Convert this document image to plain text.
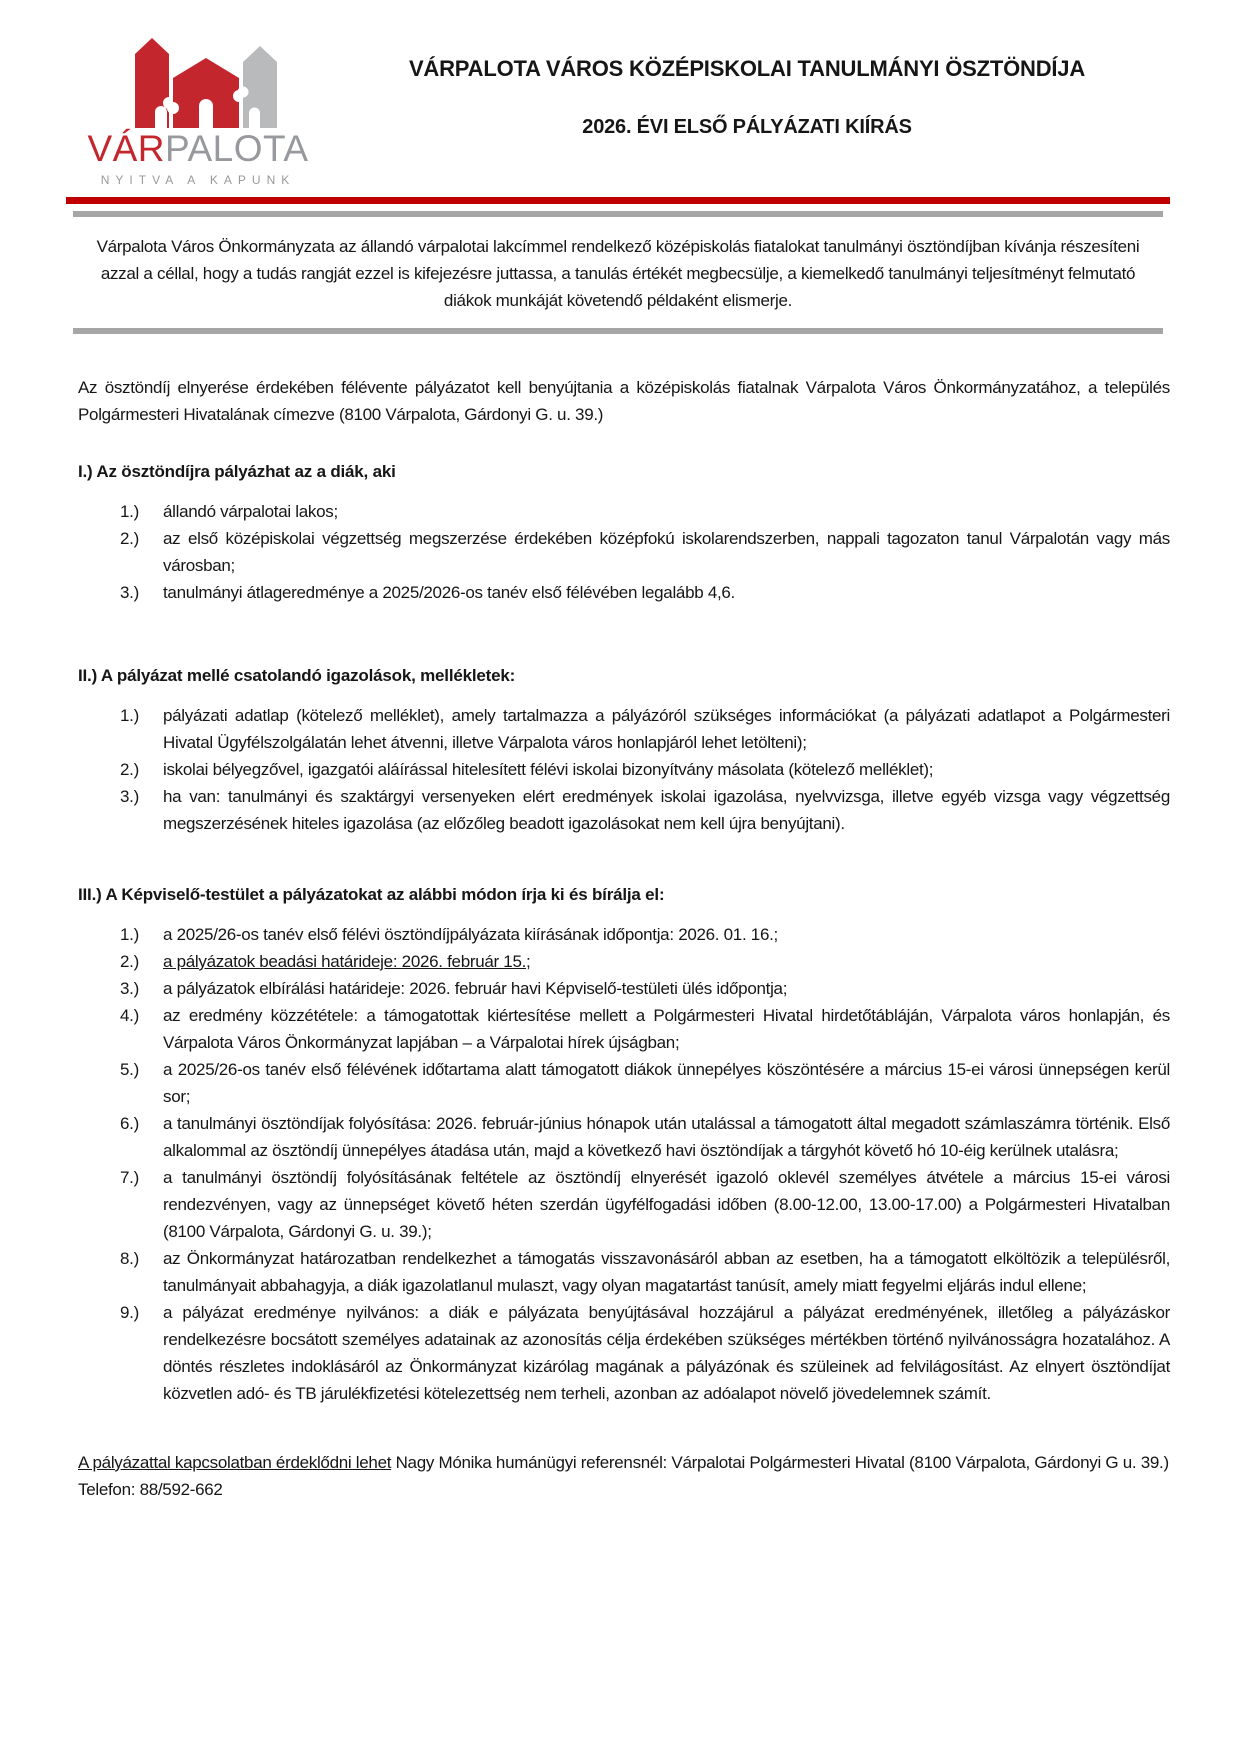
VÁRPALOTA
NYITVA A KAPUNK
VÁRPALOTA VÁROS KÖZÉPISKOLAI TANULMÁNYI ÖSZTÖNDÍJA
2026. ÉVI ELSŐ PÁLYÁZATI KIÍRÁS

Várpalota Város Önkormányzata az állandó várpalotai lakcímmel rendelkező középiskolás fiatalokat tanulmányi ösztöndíjban kívánja részesíteni azzal a céllal, hogy a tudás rangját ezzel is kifejezésre juttassa, a tanulás értékét megbecsülje, a kiemelkedő tanulmányi teljesítményt felmutató diákok munkáját követendő példaként elismerje.

Az ösztöndíj elnyerése érdekében félévente pályázatot kell benyújtania a középiskolás fiatalnak Várpalota Város Önkormányzatához, a település Polgármesteri Hivatalának címezve (8100 Várpalota, Gárdonyi G. u. 39.)

I.) Az ösztöndíjra pályázhat az a diák, aki
1.)	állandó várpalotai lakos;
2.)	az első középiskolai végzettség megszerzése érdekében középfokú iskolarendszerben, nappali tagozaton tanul Várpalotán vagy más városban;
3.)	tanulmányi átlageredménye a 2025/2026-os tanév első félévében legalább 4,6.
II.) A pályázat mellé csatolandó igazolások, mellékletek:
1.)	pályázati adatlap (kötelező melléklet), amely tartalmazza a pályázóról szükséges információkat (a pályázati adatlapot a Polgármesteri Hivatal Ügyfélszolgálatán lehet átvenni, illetve Várpalota város honlapjáról lehet letölteni);
2.)	iskolai bélyegzővel, igazgatói aláírással hitelesített félévi iskolai bizonyítvány másolata (kötelező melléklet);
3.)	ha van: tanulmányi és szaktárgyi versenyeken elért eredmények iskolai igazolása, nyelvvizsga, illetve egyéb vizsga vagy végzettség megszerzésének hiteles igazolása (az előzőleg beadott igazolásokat nem kell újra benyújtani).
III.) A Képviselő-testület a pályázatokat az alábbi módon írja ki és bírálja el:
1.)	a 2025/26-os tanév első félévi ösztöndíjpályázata kiírásának időpontja: 2026. 01. 16.;
2.)	a pályázatok beadási határideje: 2026. február 15.;
3.)	a pályázatok elbírálási határideje: 2026. február havi Képviselő-testületi ülés időpontja;
4.)	az eredmény közzététele: a támogatottak kiértesítése mellett a Polgármesteri Hivatal hirdetőtábláján, Várpalota város honlapján, és Várpalota Város Önkormányzat lapjában – a Várpalotai hírek újságban;
5.)	a 2025/26-os tanév első félévének időtartama alatt támogatott diákok ünnepélyes köszöntésére a március 15-ei városi ünnepségen kerül sor;
6.)	a tanulmányi ösztöndíjak folyósítása: 2026. február-június hónapok után utalással a támogatott által megadott számlaszámra történik. Első alkalommal az ösztöndíj ünnepélyes átadása után, majd a következő havi ösztöndíjak a tárgyhót követő hó 10-éig kerülnek utalásra;
7.)	a tanulmányi ösztöndíj folyósításának feltétele az ösztöndíj elnyerését igazoló oklevél személyes átvétele a március 15-ei városi rendezvényen, vagy az ünnepséget követő héten szerdán ügyfélfogadási időben (8.00-12.00, 13.00-17.00) a Polgármesteri Hivatalban (8100 Várpalota, Gárdonyi G. u. 39.);
8.)	az Önkormányzat határozatban rendelkezhet a támogatás visszavonásáról abban az esetben, ha a támogatott elköltözik a településről, tanulmányait abbahagyja, a diák igazolatlanul mulaszt, vagy olyan magatartást tanúsít, amely miatt fegyelmi eljárás indul ellene;
9.)	a pályázat eredménye nyilvános: a diák e pályázata benyújtásával hozzájárul a pályázat eredményének, illetőleg a pályázáskor rendelkezésre bocsátott személyes adatainak az azonosítás célja érdekében szükséges mértékben történő nyilvánosságra hozatalához. A döntés részletes indoklásáról az Önkormányzat kizárólag magának a pályázónak és szüleinek ad felvilágosítást. Az elnyert ösztöndíjat közvetlen adó- és TB járulékfizetési kötelezettség nem terheli, azonban az adóalapot növelő jövedelemnek számít.

A pályázattal kapcsolatban érdeklődni lehet Nagy Mónika humánügyi referensnél: Várpalotai Polgármesteri Hivatal (8100 Várpalota, Gárdonyi G u. 39.) Telefon: 88/592-662
